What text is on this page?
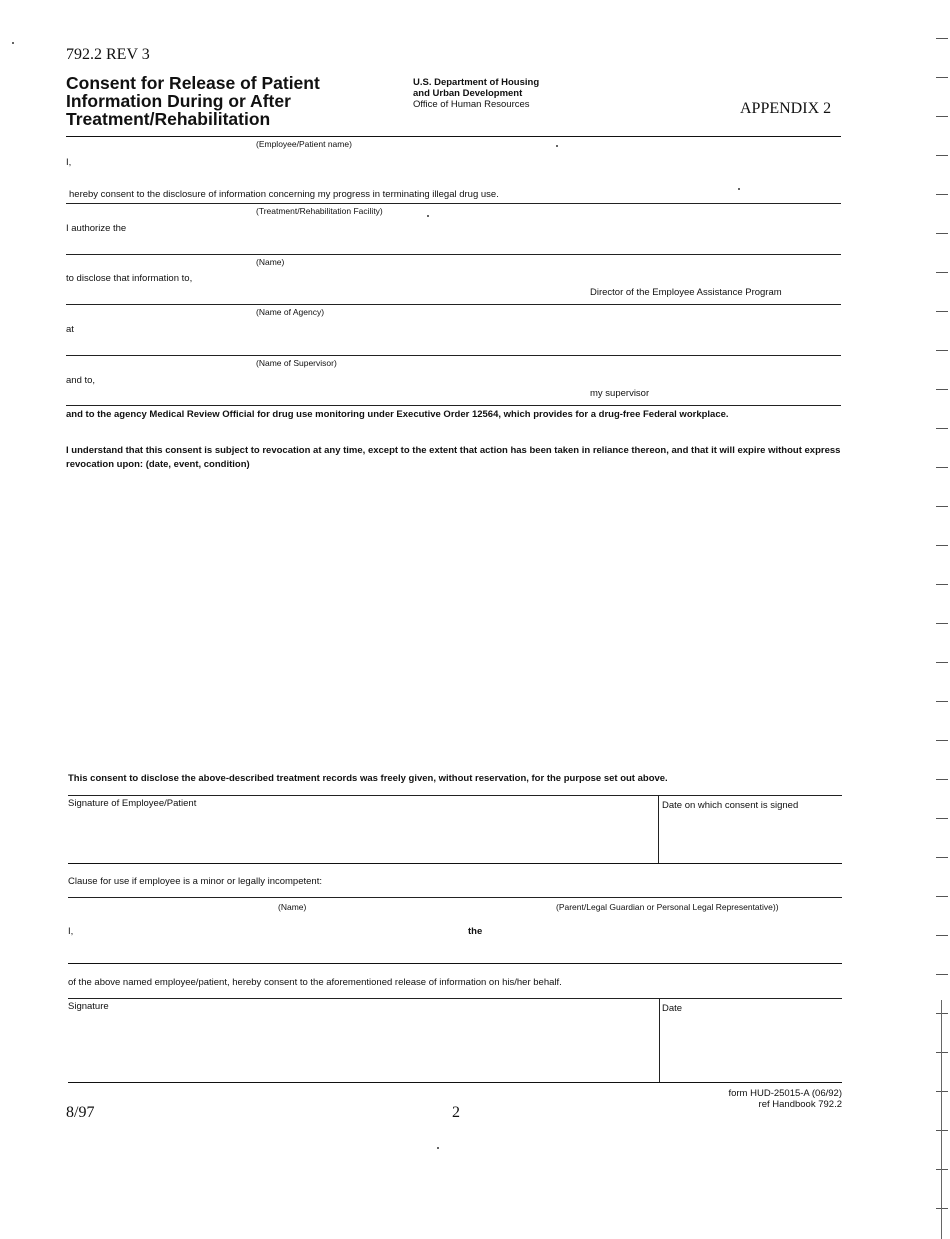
792.2 REV 3
Consent for Release of Patient
Information During or After
Treatment/Rehabilitation
U.S. Department of Housing
and Urban Development
Office of Human Resources	APPENDIX 2
(Employee/Patient name)
I,
hereby consent to the disclosure of information concerning my progress in terminating illegal drug use.
(Treatment/Rehabilitation Facility)
I authorize the
(Name)
to disclose that information to,
Director of the Employee Assistance Program
(Name of Agency)
at
(Name of Supervisor)
and to,
my supervisor
and to the agency Medical Review Official for drug use monitoring under Executive Order 12564, which provides for a drug-free Federal workplace.
I understand that this consent is subject to revocation at any time, except to the extent that action has been taken in reliance thereon, and that it will expire without express
revocation upon: (date, event, condition)
This consent to disclose the above-described treatment records was freely given, without reservation, for the purpose set out above.
Signature of Employee/Patient	Date on which consent is signed
Clause for use if employee is a minor or legally incompetent:
(Name)	(Parent/Legal Guardian or Personal Legal Representative))
I,	the
of the above named employee/patient, hereby consent to the aforementioned release of information on his/her behalf.
Signature	Date
form HUD-25015-A (06/92)
ref Handbook 792.2
8/97	2
